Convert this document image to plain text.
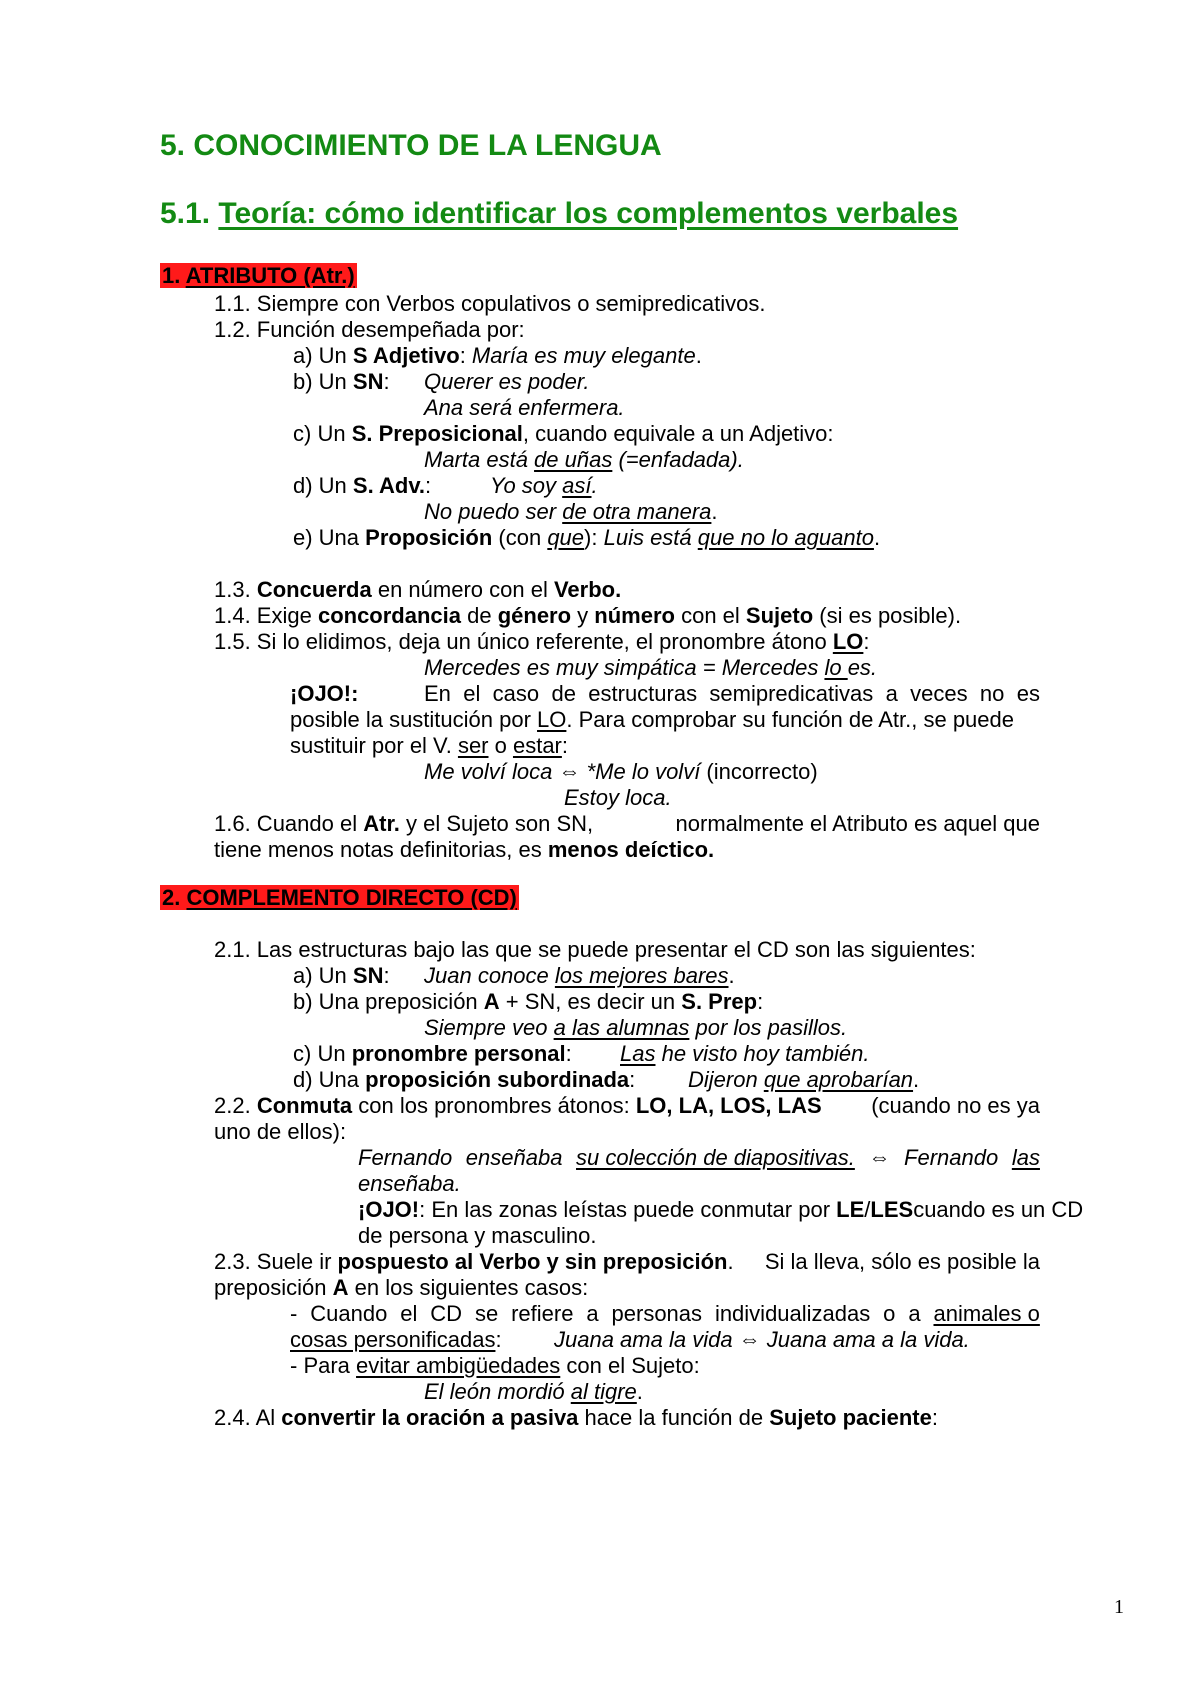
5. CONOCIMIENTO DE LA LENGUA
5.1. Teoría: cómo identificar los complementos verbales
1. ATRIBUTO (Atr.)
1.1. Siempre con Verbos copulativos o semipredicativos.
1.2. Función desempeñada por:
a) Un S Adjetivo: María es muy elegante.
b) Un SN: Querer es poder.
Ana será enfermera.
c) Un S. Preposicional, cuando equivale a un Adjetivo:
Marta está de uñas (=enfadada).
d) Un S. Adv.:	Yo soy así.
No puedo ser de otra manera.
e) Una Proposición (con que): Luis está que no lo aguanto.
1.3. Concuerda en número con el Verbo.
1.4. Exige concordancia de género y número con el Sujeto (si es posible).
1.5. Si lo elidimos, deja un único referente, el pronombre átono LO:
Mercedes es muy simpática = Mercedes lo es.
¡OJO!:	En el caso de estructuras semipredicativas a veces no es
posible la sustitución por LO. Para comprobar su función de Atr., se puede
sustituir por el V. ser o estar:
Me volví loca ⇔ *Me lo volví (incorrecto)
Estoy loca.
1.6. Cuando el Atr. y el Sujeto son SN,	normalmente el Atributo es aquel que
tiene menos notas definitorias, es menos deíctico.
2. COMPLEMENTO DIRECTO (CD)
2.1. Las estructuras bajo las que se puede presentar el CD son las siguientes:
a) Un SN: Juan conoce los mejores bares.
b) Una preposición A + SN, es decir un S. Prep:
Siempre veo a las alumnas por los pasillos.
c) Un pronombre personal: Las he visto hoy también.
d) Una proposición subordinada: Dijeron que aprobarían.
2.2. Conmuta con los pronombres átonos: LO, LA, LOS, LAS (cuando no es ya
uno de ellos):
Fernando enseñaba su colección de diapositivas. ⇔ Fernando las
enseñaba.
¡OJO!: En las zonas leístas puede conmutar por LE/LES cuando es un CD
de persona y masculino.
2.3. Suele ir pospuesto al Verbo y sin preposición. Si la lleva, sólo es posible la
preposición A en los siguientes casos:
- Cuando el CD se refiere a personas individualizadas o a animales o
cosas personificadas: Juana ama la vida ⇔ Juana ama a la vida.
- Para evitar ambigüedades con el Sujeto:
El león mordió al tigre.
2.4. Al convertir la oración a pasiva hace la función de Sujeto paciente:
1
